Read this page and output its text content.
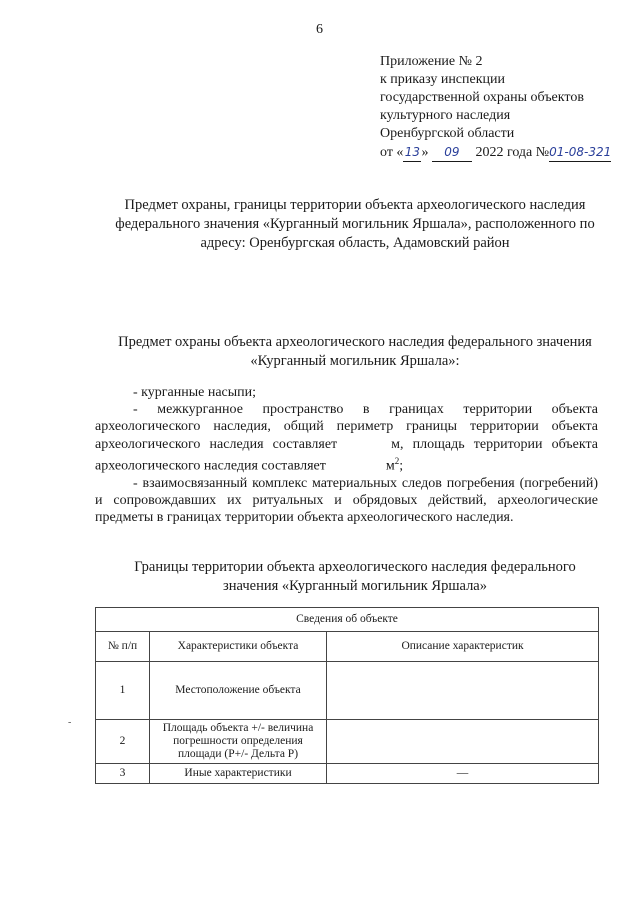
6
Приложение № 2
к приказу инспекции
государственной охраны объектов
культурного наследия
Оренбургской области
от «13» 09 2022 года №01-08-321
Предмет охраны, границы территории объекта археологического наследия
федерального значения «Курганный могильник Яршала», расположенного по
адресу: Оренбургская область, Адамовский район
Предмет охраны объекта археологического наследия федерального значения
«Курганный могильник Яршала»:

- курганные насыпи;

- межкурганное пространство в границах территории объекта археологического наследия, общий периметр границы территории объекта археологического наследия составляет	м, площадь территории объекта археологического наследия составляет	$м^2$;

- взаимосвязанный комплекс материальных следов погребения (погребений) и сопровождавших их ритуальных и обрядовых действий, археологические предметы в границах территории объекта археологического наследия.

Границы территории объекта археологического наследия федерального
значения «Курганный могильник Яршала»
Сведения об объекте		
№ п/п	Характеристики объекта	Описание характеристик
1	Местоположение объекта	
2	Площадь объекта +/- величина погрешности определения площади (P+/- Дельта P)	
3	Иные характеристики	—
-
